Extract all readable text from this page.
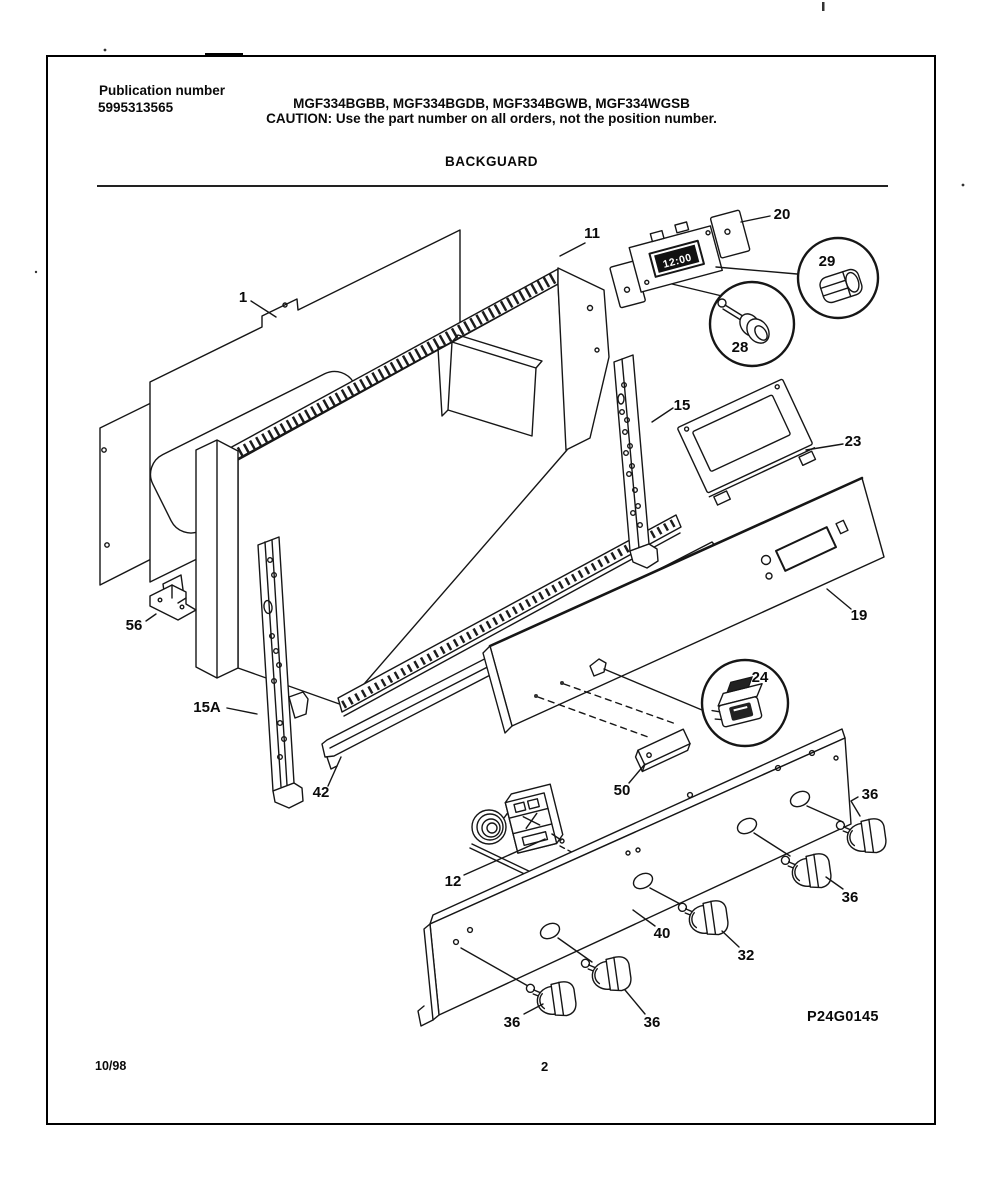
Publication number
5995313565	MGF334BGBB, MGF334BGDB, MGF334BGWB, MGF334WGSB
CAUTION: Use the part number on all orders, not the position number.
BACKGUARD
12:00
1
11
20
29
28
15
23
19
56
15A
42
24
50
12
40
32
36
36
36	36
10/98	2
P24G0145
